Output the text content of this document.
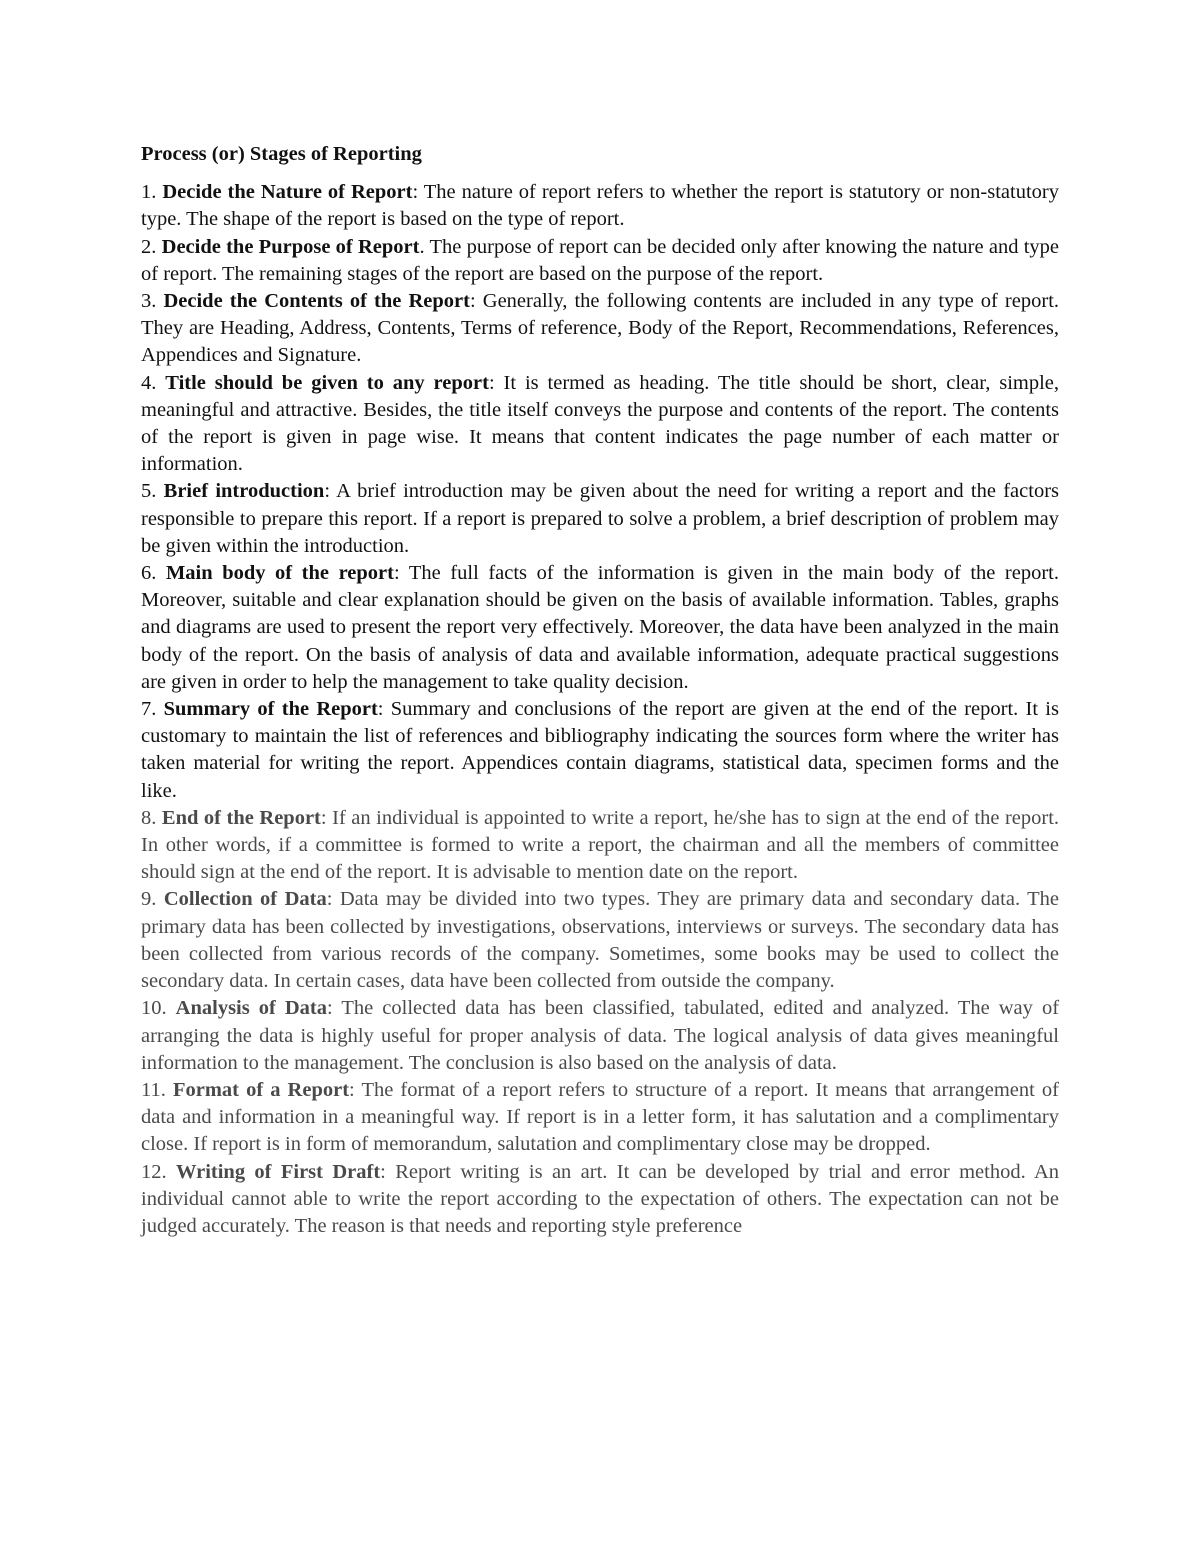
Process (or) Stages of Reporting

1. Decide the Nature of Report: The nature of report refers to whether the report is statutory or non-statutory type. The shape of the report is based on the type of report.

2. Decide the Purpose of Report. The purpose of report can be decided only after knowing the nature and type of report. The remaining stages of the report are based on the purpose of the report.

3. Decide the Contents of the Report: Generally, the following contents are included in any type of report. They are Heading, Address, Contents, Terms of reference, Body of the Report, Recommendations, References, Appendices and Signature.

4. Title should be given to any report: It is termed as heading. The title should be short, clear, simple, meaningful and attractive. Besides, the title itself conveys the purpose and contents of the report. The contents of the report is given in page wise. It means that content indicates the page number of each matter or information.

5. Brief introduction: A brief introduction may be given about the need for writing a report and the factors responsible to prepare this report. If a report is prepared to solve a problem, a brief description of problem may be given within the introduction.

6. Main body of the report: The full facts of the information is given in the main body of the report. Moreover, suitable and clear explanation should be given on the basis of available information. Tables, graphs and diagrams are used to present the report very effectively. Moreover, the data have been analyzed in the main body of the report. On the basis of analysis of data and available information, adequate practical suggestions are given in order to help the management to take quality decision.

7. Summary of the Report: Summary and conclusions of the report are given at the end of the report. It is customary to maintain the list of references and bibliography indicating the sources form where the writer has taken material for writing the report. Appendices contain diagrams, statistical data, specimen forms and the like.

8. End of the Report: If an individual is appointed to write a report, he/she has to sign at the end of the report. In other words, if a committee is formed to write a report, the chairman and all the members of committee should sign at the end of the report. It is advisable to mention date on the report.

9. Collection of Data: Data may be divided into two types. They are primary data and secondary data. The primary data has been collected by investigations, observations, interviews or surveys. The secondary data has been collected from various records of the company. Sometimes, some books may be used to collect the secondary data. In certain cases, data have been collected from outside the company.

10. Analysis of Data: The collected data has been classified, tabulated, edited and analyzed. The way of arranging the data is highly useful for proper analysis of data. The logical analysis of data gives meaningful information to the management. The conclusion is also based on the analysis of data.

11. Format of a Report: The format of a report refers to structure of a report. It means that arrangement of data and information in a meaningful way. If report is in a letter form, it has salutation and a complimentary close. If report is in form of memorandum, salutation and complimentary close may be dropped.

12. Writing of First Draft: Report writing is an art. It can be developed by trial and error method. An individual cannot able to write the report according to the expectation of others. The expectation can not be judged accurately. The reason is that needs and reporting style preference
